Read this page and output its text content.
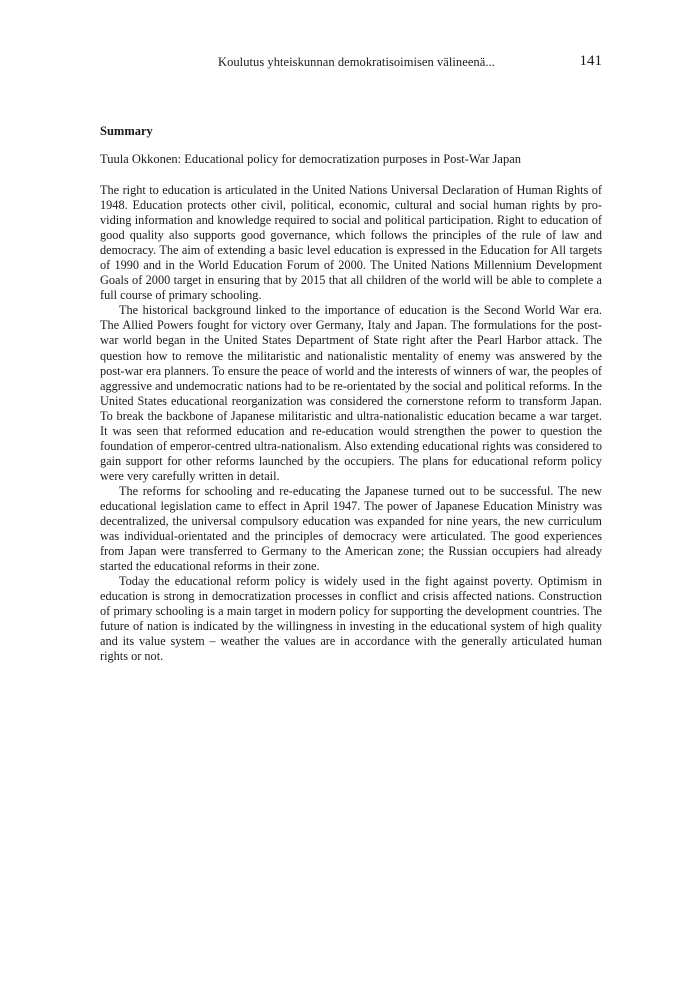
Koulutus yhteiskunnan demokratisoimisen välineenä...	141
Summary
Tuula Okkonen: Educational policy for democratization purposes in Post-War Japan

The right to education is articulated in the United Nations Universal Declaration of Human Rights of 1948. Education protects other civil, political, economic, cultural and social human rights by providing information and knowledge required to social and political participation. Right to education of good quality also supports good governance, which follows the principles of the rule of law and democracy. The aim of extending a basic level education is expressed in the Education for All targets of 1990 and in the World Education Forum of 2000. The United Nations Millennium Development Goals of 2000 target in ensuring that by 2015 that all children of the world will be able to complete a full course of primary schooling.

The historical background linked to the importance of education is the Second World War era. The Allied Powers fought for victory over Germany, Italy and Japan. The formulations for the postwar world began in the United States Department of State right after the Pearl Harbor attack. The question how to remove the militaristic and nationalistic mentality of enemy was answered by the post-war era planners. To ensure the peace of world and the interests of winners of war, the peoples of aggressive and undemocratic nations had to be re-orientated by the social and political reforms. In the United States educational reorganization was considered the cornerstone reform to transform Japan. To break the backbone of Japanese militaristic and ultra-nationalistic education became a war target. It was seen that reformed education and re-education would strengthen the power to question the foundation of emperor-centred ultra-nationalism. Also extending educational rights was considered to gain support for other reforms launched by the occupiers. The plans for educational reform policy were very carefully written in detail.

The reforms for schooling and re-educating the Japanese turned out to be successful. The new educational legislation came to effect in April 1947. The power of Japanese Education Ministry was decentralized, the universal compulsory education was expanded for nine years, the new curriculum was individual-orientated and the principles of democracy were articulated. The good experiences from Japan were transferred to Germany to the American zone; the Russian occupiers had already started the educational reforms in their zone.

Today the educational reform policy is widely used in the fight against poverty. Optimism in education is strong in democratization processes in conflict and crisis affected nations. Construction of primary schooling is a main target in modern policy for supporting the development countries. The future of nation is indicated by the willingness in investing in the educational system of high quality and its value system – weather the values are in accordance with the generally articulated human rights or not.
